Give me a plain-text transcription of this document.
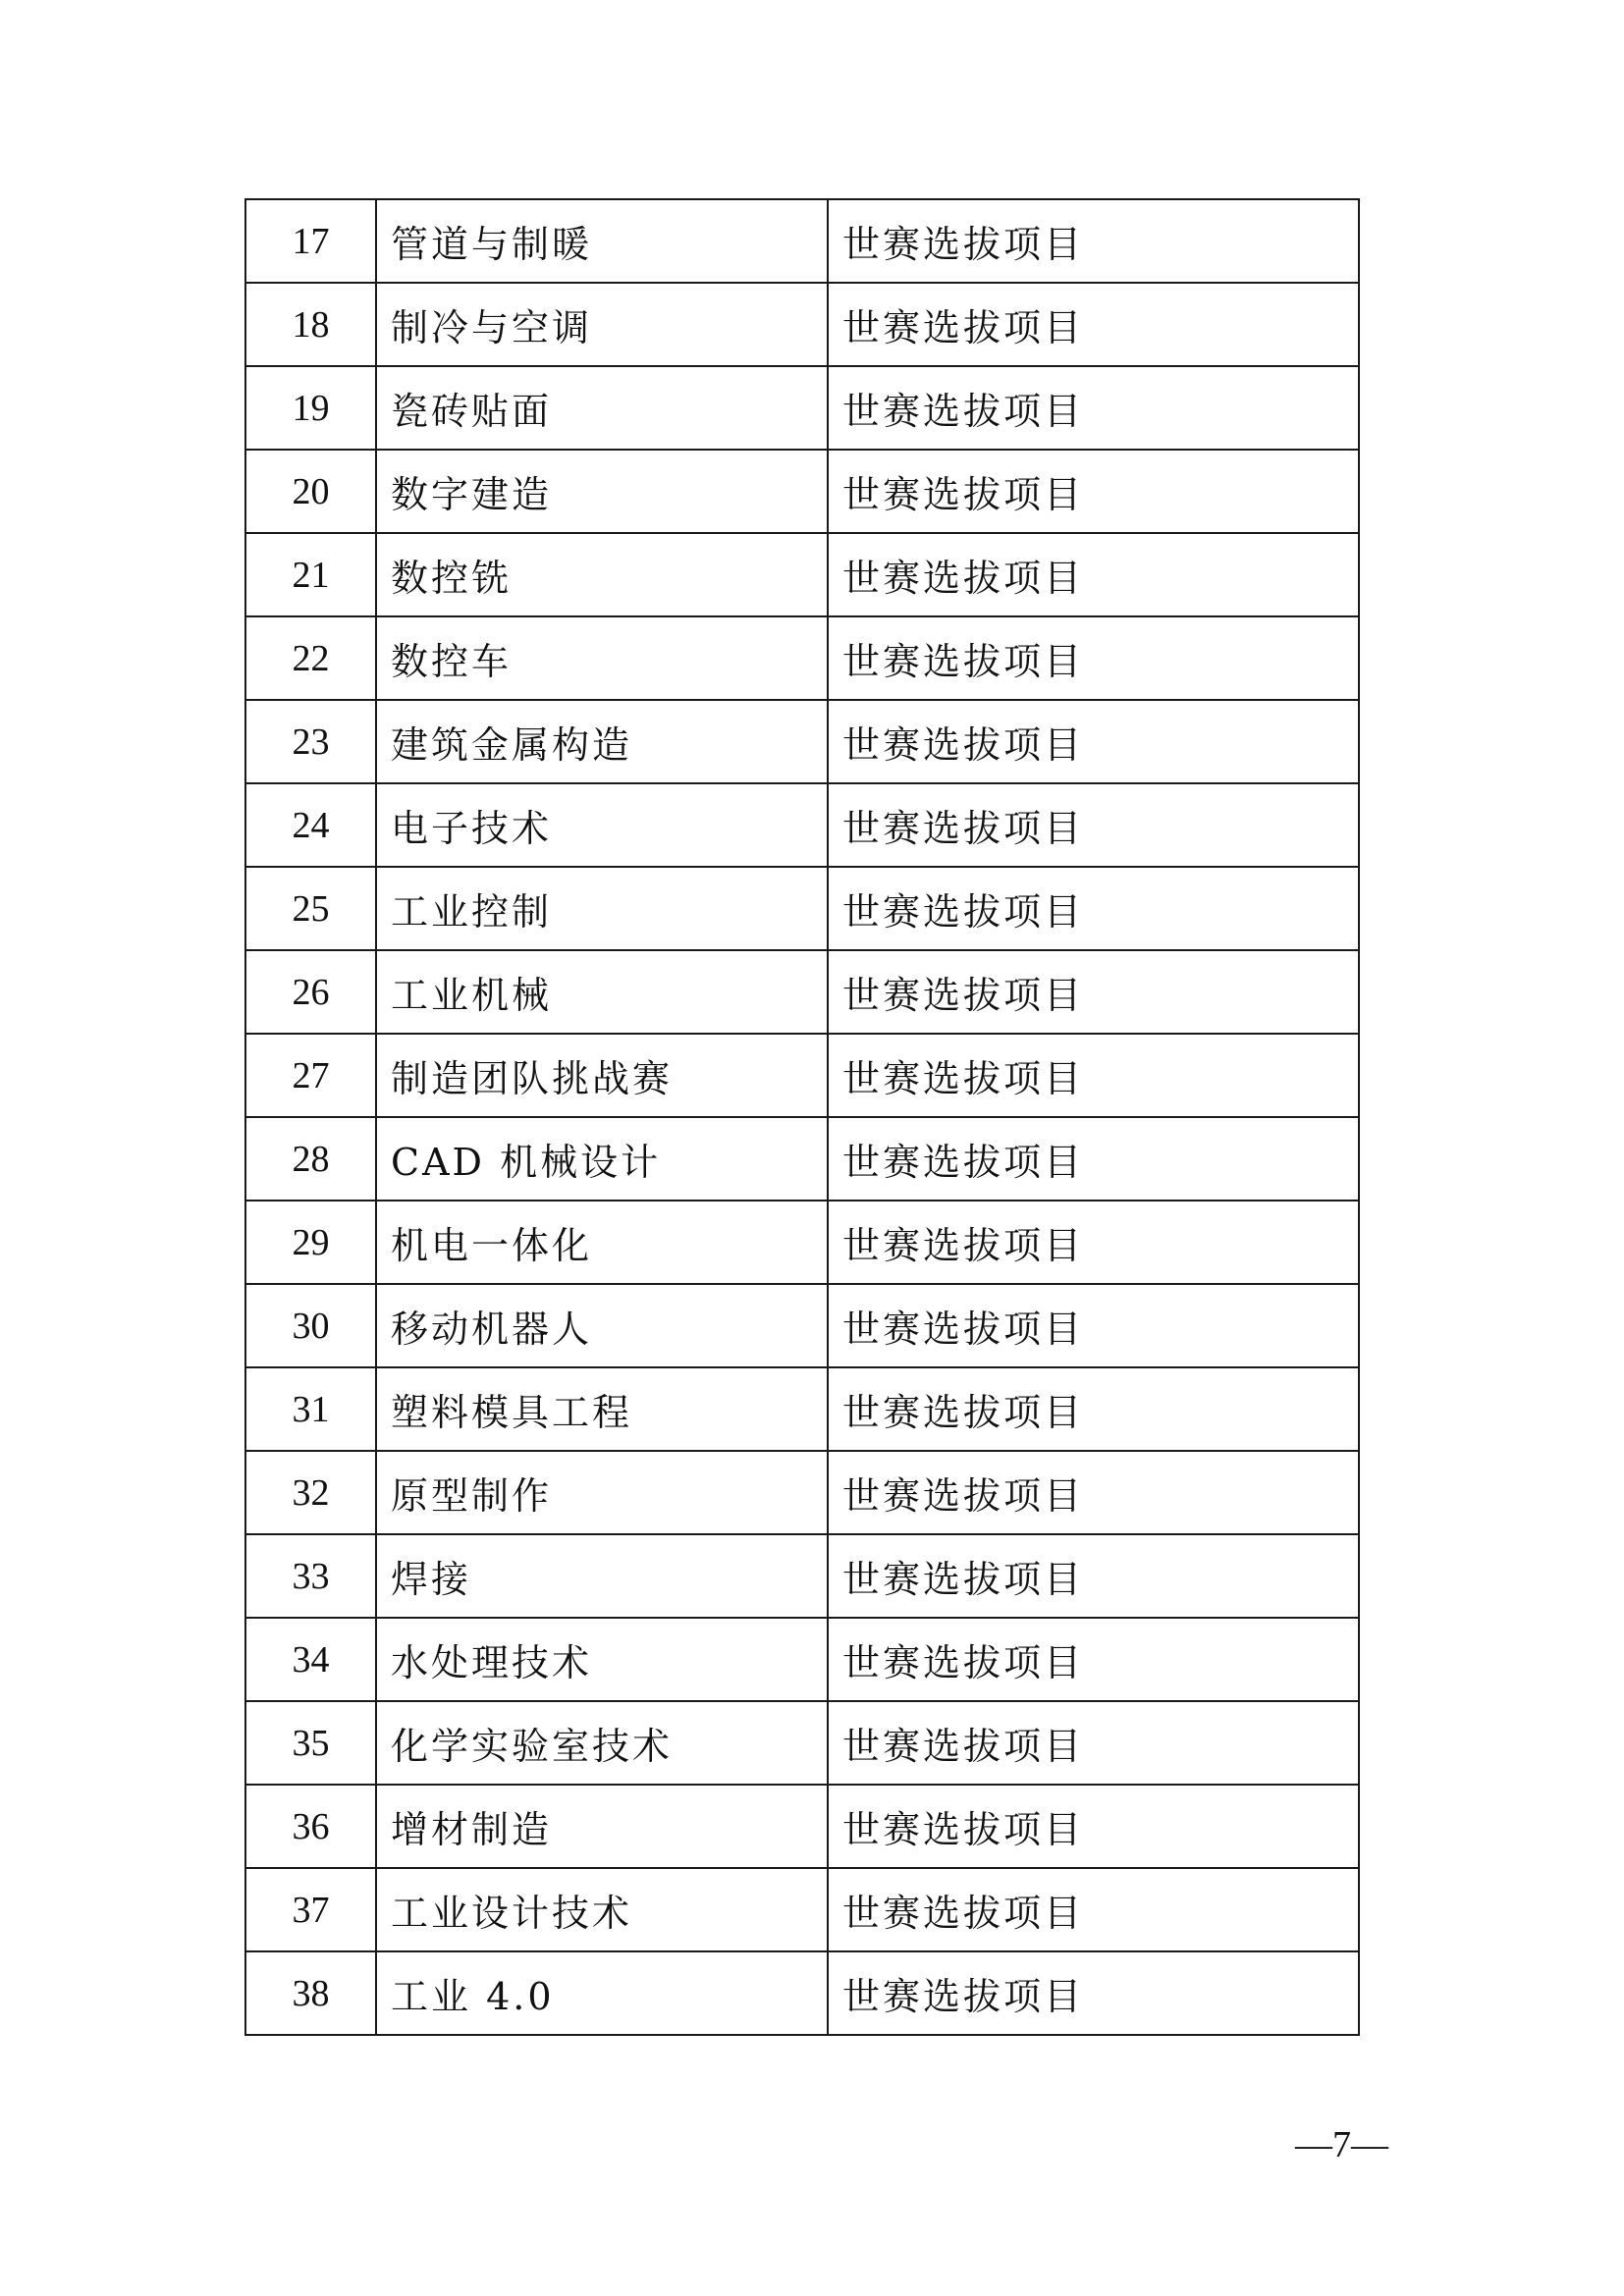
17	管道与制暖	世赛选拔项目
18	制冷与空调	世赛选拔项目
19	瓷砖贴面	世赛选拔项目
20	数字建造	世赛选拔项目
21	数控铣	世赛选拔项目
22	数控车	世赛选拔项目
23	建筑金属构造	世赛选拔项目
24	电子技术	世赛选拔项目
25	工业控制	世赛选拔项目
26	工业机械	世赛选拔项目
27	制造团队挑战赛	世赛选拔项目
28	CAD 机械设计	世赛选拔项目
29	机电一体化	世赛选拔项目
30	移动机器人	世赛选拔项目
31	塑料模具工程	世赛选拔项目
32	原型制作	世赛选拔项目
33	焊接	世赛选拔项目
34	水处理技术	世赛选拔项目
35	化学实验室技术	世赛选拔项目
36	增材制造	世赛选拔项目
37	工业设计技术	世赛选拔项目
38	工业 4.0	世赛选拔项目
—7—
